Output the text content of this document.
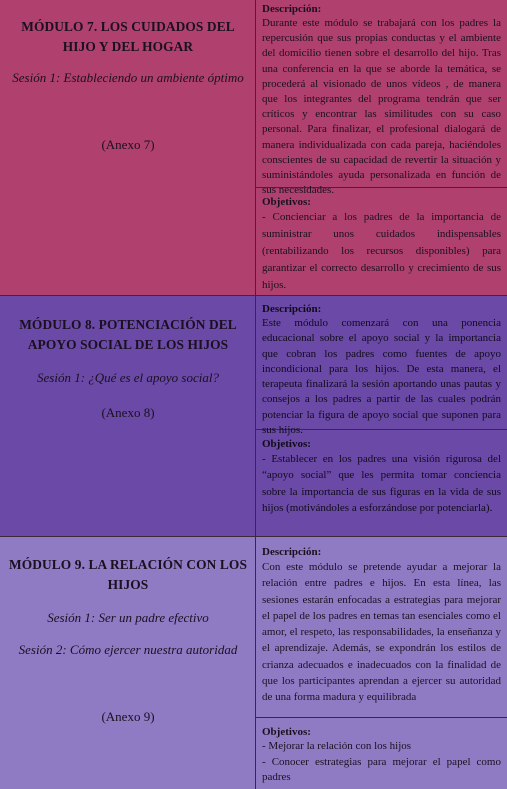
MÓDULO 7. LOS CUIDADOS DEL
HIJO Y DEL HOGAR
Sesión 1: Estableciendo un ambiente óptimo
(Anexo 7)
Descripción:
Durante este módulo se trabajará con los padres la repercusión que sus propias conductas y el ambiente del domicilio tienen sobre el desarrollo del hijo. Tras una conferencia en la que se aborde la temática, se procederá al visionado de unos vídeos , de manera que los integrantes del programa tendrán que ser críticos y encontrar las similitudes con su caso personal. Para finalizar, el profesional dialogará de manera individualizada con cada pareja, haciéndoles conscientes de su capacidad de revertir la situación y suministándoles ayuda personalizada en función de sus necesidades.
Objetivos:
- Concienciar a los padres de la importancia de suministrar unos cuidados indispensables (rentabilizando los recursos disponibles) para garantizar el correcto desarrollo y crecimiento de sus hijos.
MÓDULO 8. POTENCIACIÓN DEL
APOYO SOCIAL DE LOS HIJOS
Sesión 1: ¿Qué es el apoyo social?
(Anexo 8)
Descripción:
Este módulo comenzará con una ponencia educacional sobre el apoyo social y la importancia que cobran los padres como fuentes de apoyo incondicional para los hijos. De esta manera, el terapeuta finalizará la sesión aportando unas pautas y consejos a los padres a partir de las cuales podrán potenciar la figura de apoyo social que suponen para sus hijos.
Objetivos:
- Establecer en los padres una visión rigurosa del “apoyo social” que les permita tomar conciencia sobre la importancia de sus figuras en la vida de sus hijos (motivándoles a esforzándose por potenciarla).
MÓDULO 9. LA RELACIÓN CON LOS
HIJOS
Sesión 1: Ser un padre efectivo
Sesión 2: Cómo ejercer nuestra autoridad
(Anexo 9)
Descripción:
Con este módulo se pretende ayudar a mejorar la relación entre padres e hijos. En esta línea, las sesiones estarán enfocadas a estrategias para mejorar el papel de los padres en temas tan esenciales como el amor, el respeto, las responsabilidades, la enseñanza y el aprendizaje. Además, se expondrán los estilos de crianza adecuados e inadecuados con la finalidad de que los participantes aprendan a ejercer su autoridad de una forma madura y equilibrada
Objetivos:
- Mejorar la relación con los hijos
- Conocer estrategias para mejorar el papel como padres
